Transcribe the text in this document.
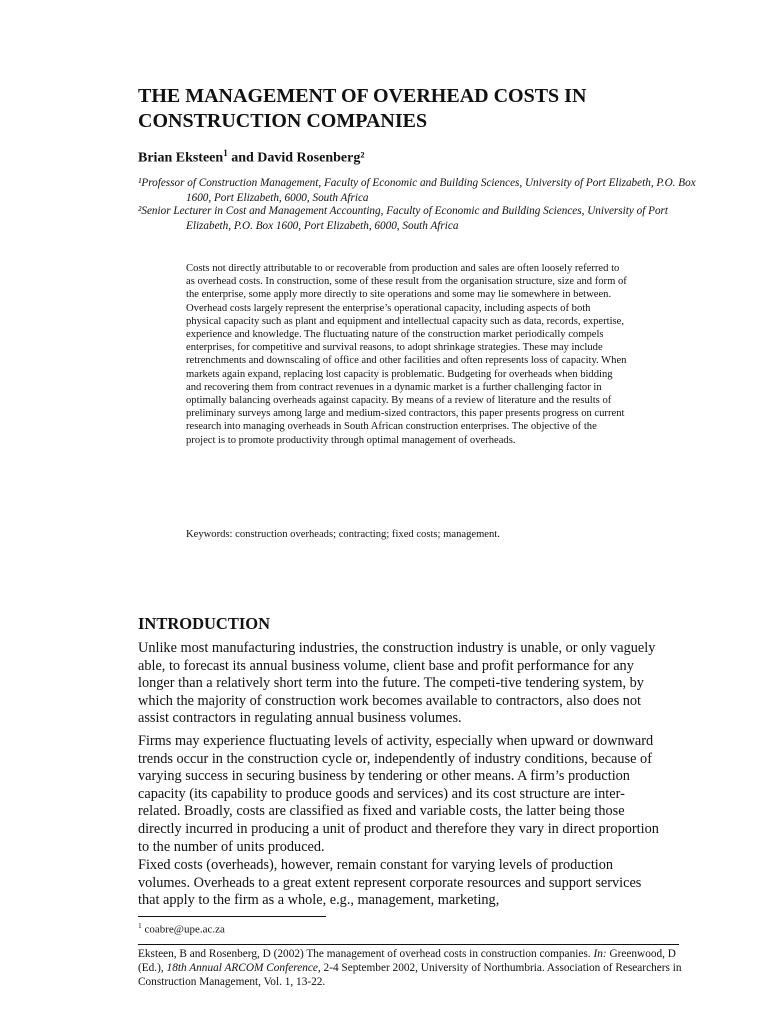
THE MANAGEMENT OF OVERHEAD COSTS IN
CONSTRUCTION COMPANIES

Brian Eksteen$^1$ and David Rosenberg²

¹Professor of Construction Management, Faculty of Economic and Building Sciences, University of Port Elizabeth, P.O. Box 1600, Port Elizabeth, 6000, South Africa

²Senior Lecturer in Cost and Management Accounting, Faculty of Economic and Building Sciences, University of Port Elizabeth, P.O. Box 1600, Port Elizabeth, 6000, South Africa

Costs not directly attributable to or recoverable from production and sales are often loosely referred to as overhead costs. In construction, some of these result from the organisation structure, size and form of the enterprise, some apply more directly to site operations and some may lie somewhere in between. Overhead costs largely represent the enterprise’s operational capacity, including aspects of both physical capacity such as plant and equipment and intellectual capacity such as data, records, expertise, experience and knowledge. The fluctuating nature of the construction market periodically compels enterprises, for competitive and survival reasons, to adopt shrinkage strategies. These may include retrenchments and downscaling of office and other facilities and often represents loss of capacity. When markets again expand, replacing lost capacity is problematic. Budgeting for overheads when bidding and recovering them from contract revenues in a dynamic market is a further challenging factor in optimally balancing overheads against capacity. By means of a review of literature and the results of preliminary surveys among large and medium-sized contractors, this paper presents progress on current research into managing overheads in South African construction enterprises. The objective of the project is to promote productivity through optimal management of overheads.

Keywords: construction overheads; contracting; fixed costs; management.

INTRODUCTION

Unlike most manufacturing industries, the construction industry is unable, or only vaguely able, to forecast its annual business volume, client base and profit performance for any longer than a relatively short term into the future. The competi-tive tendering system, by which the majority of construction work becomes available to contractors, also does not assist contractors in regulating annual business volumes.

Firms may experience fluctuating levels of activity, especially when upward or downward trends occur in the construction cycle or, independently of industry conditions, because of varying success in securing business by tendering or other means. A firm’s production capacity (its capability to produce goods and services) and its cost structure are inter-related. Broadly, costs are classified as fixed and variable costs, the latter being those directly incurred in producing a unit of product and therefore they vary in direct proportion to the number of units produced.

Fixed costs (overheads), however, remain constant for varying levels of production volumes. Overheads to a great extent represent corporate resources and support services that apply to the firm as a whole, e.g., management, marketing,

$^1$ coabre@upe.ac.za

Eksteen, B and Rosenberg, D (2002) The management of overhead costs in construction companies. In: Greenwood, D (Ed.), 18th Annual ARCOM Conference, 2-4 September 2002, University of Northumbria. Association of Researchers in Construction Management, Vol. 1, 13-22.
